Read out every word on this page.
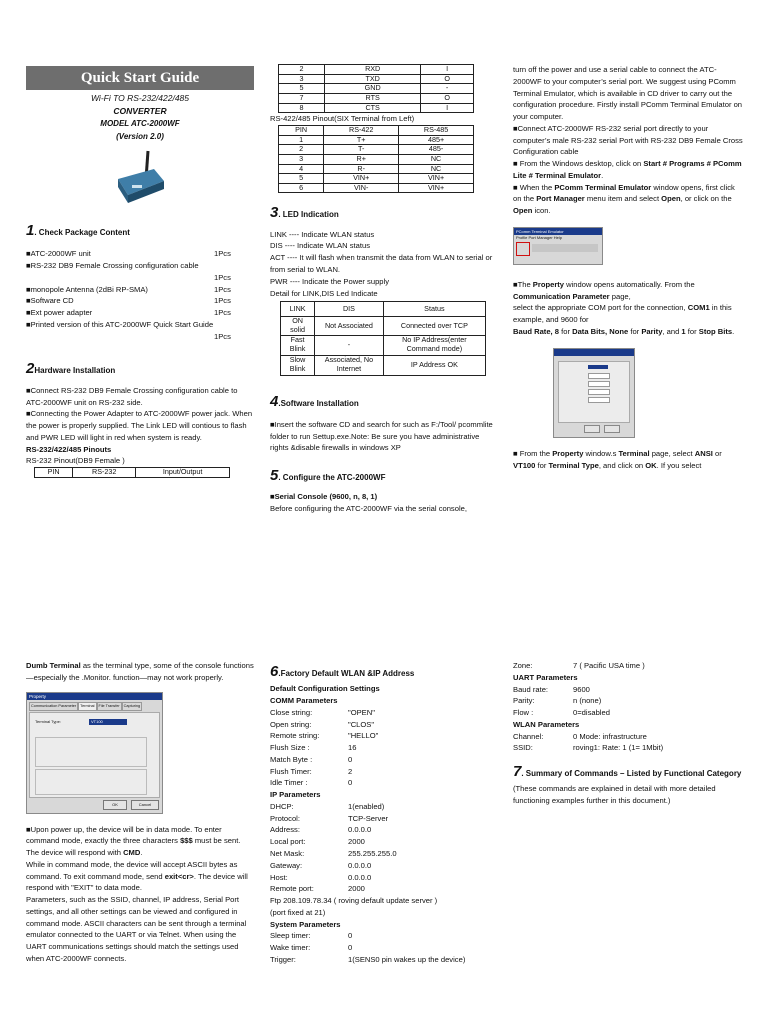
Quick Start Guide

Wi-Fi TO RS-232/422/485

CONVERTER

MODEL ATC-2000WF

(Version 2.0)

1. Check Package Content
■ATC-2000WF unit	1Pcs
■RS-232 DB9 Female Crossing configuration cable
1Pcs
■monopole Antenna (2dBi RP-SMA)	1Pcs
■Software CD	1Pcs
■Ext power adapter	1Pcs
■Printed version of this ATC-2000WF Quick Start Guide
1Pcs
2Hardware Installation

■Connect RS-232 DB9 Female Crossing configuration cable to ATC-2000WF unit on RS-232 side.

■Connecting the Power Adapter to ATC-2000WF power jack. When the power is properly supplied. The Link LED will contious to flash and PWR LED will light in red when system is ready.

RS-232/422/485 Pinouts

RS-232 Pinout(DB9 Female )

PIN	RS-232	Input/Output
2	RXD	I
3	TXD	O
5	GND	-
7	RTS	O
8	CTS	I

RS-422/485 Pinout(SIX Terminal from Left)

PIN	RS-422	RS-485
1	T+	485+
2	T-	485-
3	R+	NC
4	R-	NC
5	VIN+	VIN+
6	VIN-	VIN+
3. LED Indication

LINK ---- Indicate WLAN status

DIS ---- Indicate WLAN status

ACT ---- It will flash when transmit the data from WLAN to serial or from serial to WLAN.

PWR ---- Indicate the Power supply

Detail for LINK,DIS Led Indicate

LINK	DIS	Status
ON solid	Not Associated	Connected over TCP
Fast Blink	-	No IP Address(enter Command mode)
Slow Blink	Associated, No Internet	IP Address OK
4.Software Installation

■Insert the software CD and search for such as F:/Tool/ pcommlite folder to run Settup.exe.Note: Be sure you have administrative rights &disable firewalls in windows XP

5. Configure the ATC-2000WF

■Serial Console (9600, n, 8, 1)

Before configuring the ATC-2000WF via the serial console,

turn off the power and use a serial cable to connect the ATC-2000WF to your computer’s serial port. We suggest using PComm Terminal Emulator, which is available in CD driver to carry out the configuration procedure. Firstly install PComm Terminal Emulator on your computer.

■Connect ATC-2000WF RS-232 serial port directly to your computer’s male RS-232 serial Port with RS-232 DB9 Female Cross Configuration cable

■ From the Windows desktop, click on Start # Programs # PComm Lite # Terminal Emulator.

■ When the PComm Terminal Emulator window opens, first click on the Port Manager menu item and select Open, or click on the Open icon.

PComm Terminal Emulator
Profile Port Manager Help

■The Property window opens automatically. From the Communication Parameter page,

select the appropriate COM port for the connection, COM1 in this example, and 9600 for

Baud Rate, 8 for Data Bits, None for Parity, and 1 for Stop Bits.

■ From the Property window.s Terminal page, select ANSI or VT100 for Terminal Type, and click on OK. If you select

Dumb Terminal as the terminal type, some of the console functions—especially the .Monitor. function—may not work properly.

Property
Communication Parameter	Terminal	File Transfer	Capturing
Terminal Type:	VT100
OK	Cancel

■Upon power up, the device will be in data mode. To enter command mode, exactly the three characters $$$ must be sent. The device will respond with CMD.

While in command mode, the device will accept ASCII bytes as command. To exit command mode, send exit<cr>. The device will respond with "EXIT" to data mode.

Parameters, such as the SSID, channel, IP address, Serial Port settings, and all other settings can be viewed and configured in command mode. ASCII characters can be sent through a terminal emulator connected to the UART or via Telnet. When using the UART communications settings should match the settings used when ATC-2000WF connects.

6.Factory Default WLAN &IP Address

Default Configuration Settings

COMM Parameters

Close string:	"OPEN"
Open string:	"CLOS"
Remote string:	"HELLO"
Flush Size :	16
Match Byte :	0
Flush Timer:	2
Idle Timer :	0

IP Parameters

DHCP:	1(enabled)
Protocol:	TCP-Server
Address:	0.0.0.0
Local port:	2000
Net Mask:	255.255.255.0
Gateway:	0.0.0.0
Host:	0.0.0.0
Remote port:	2000

Ftp 208.109.78.34 ( roving default update server )

(port fixed at 21)

System Parameters

Sleep timer:	0
Wake timer:	0
Trigger:	1(SENS0 pin wakes up the device)
Zone:	7 ( Pacific USA time )

UART Parameters

Baud rate:	9600
Parity:	n (none)
Flow :	0=disabled

WLAN Parameters

Channel:	0 Mode: infrastructure
SSID:	roving1: Rate: 1 (1= 1Mbit)
7. Summary of Commands – Listed by Functional Category

(These commands are explained in detail with more detailed functioning examples further in this document.)
